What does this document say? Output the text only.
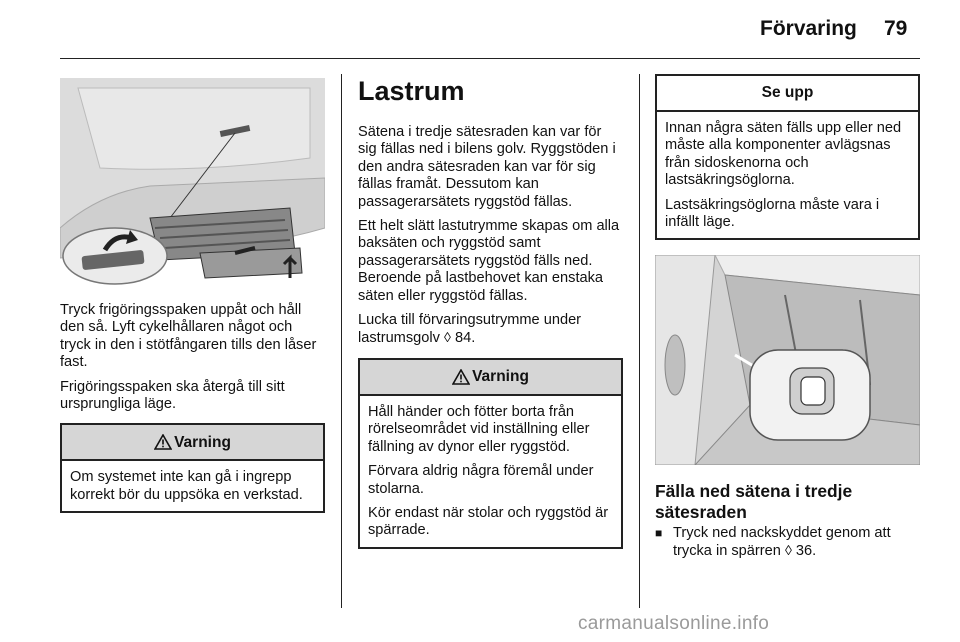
Förvaring 79

Tryck frigöringsspaken uppåt och håll den så. Lyft cykelhållaren något och tryck in den i stötfångaren tills den låser fast.

Frigöringsspaken ska återgå till sitt ursprungliga läge.

Varning

Om systemet inte kan gå i ingrepp korrekt bör du uppsöka en verkstad.

Lastrum

Sätena i tredje sätesraden kan var för sig fällas ned i bilens golv. Ryggstöden i den andra sätesraden kan var för sig fällas framåt. Dessutom kan passagerarsätets ryggstöd fällas.

Ett helt slätt lastutrymme skapas om alla baksäten och ryggstöd samt passagerarsätets ryggstöd fälls ned. Beroende på lastbehovet kan enstaka säten eller ryggstöd fällas.

Lucka till förvaringsutrymme under lastrumsgolv ◊ 84.

Varning

Håll händer och fötter borta från rörelseområdet vid inställning eller fällning av dynor eller ryggstöd.

Förvara aldrig några föremål under stolarna.

Kör endast när stolar och ryggstöd är spärrade.

Se upp

Innan några säten fälls upp eller ned måste alla komponenter avlägsnas från sidoskenorna och lastsäkringsöglorna.

Lastsäkringsöglorna måste vara i infällt läge.

Fälla ned sätena i tredje sätesraden
■ Tryck ned nackskyddet genom att trycka in spärren ◊ 36.
carmanualsonline.info
